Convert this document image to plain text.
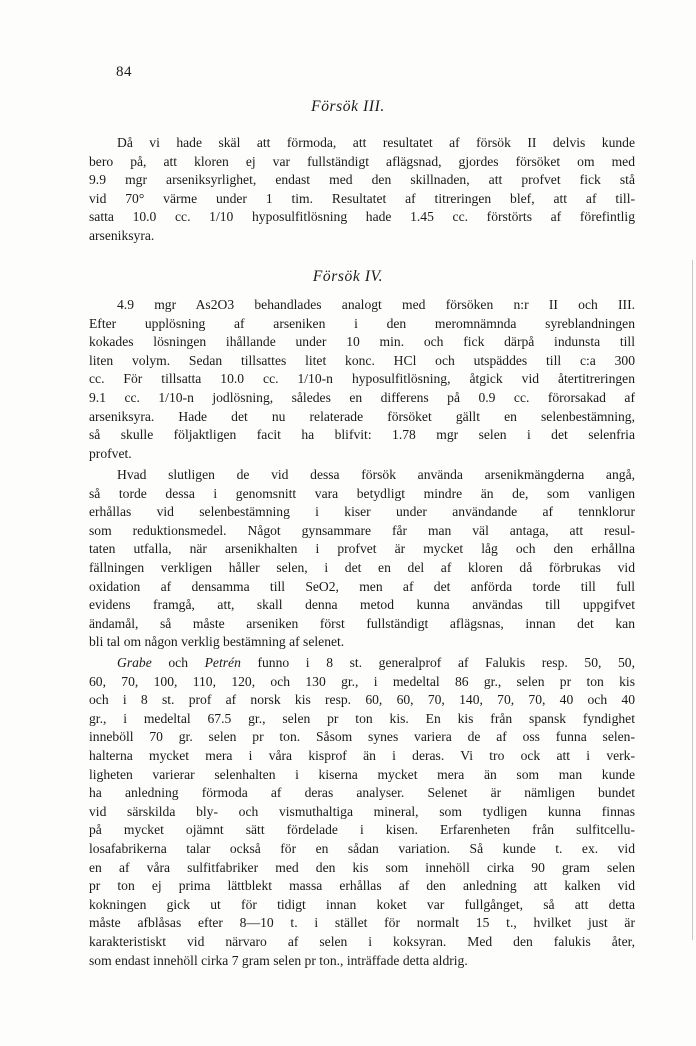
84
Försök III.
Då vi hade skäl att förmoda, att resultatet af försök II delvis kunde
bero på, att kloren ej var fullständigt aflägsnad, gjordes försöket om med
9.9 mgr arseniksyrlighet, endast med den skillnaden, att profvet fick stå
vid 70° värme under 1 tim. Resultatet af titreringen blef, att af till-
satta 10.0 cc. 1/10 hyposulfitlösning hade 1.45 cc. förstörts af förefintlig
arseniksyra.
Försök IV.
4.9 mgr As2O3 behandlades analogt med försöken n:r II och III.
Efter upplösning af arseniken i den meromnämnda syreblandningen
kokades lösningen ihållande under 10 min. och fick därpå indunsta till
liten volym. Sedan tillsattes litet konc. HCl och utspäddes till c:a 300
cc. För tillsatta 10.0 cc. 1/10-n hyposulfitlösning, åtgick vid återtitreringen
9.1 cc. 1/10-n jodlösning, således en differens på 0.9 cc. förorsakad af
arseniksyra. Hade det nu relaterade försöket gällt en selenbestämning,
så skulle följaktligen facit ha blifvit: 1.78 mgr selen i det selenfria
profvet.
Hvad slutligen de vid dessa försök använda arsenikmängderna angå,
så torde dessa i genomsnitt vara betydligt mindre än de, som vanligen
erhållas vid selenbestämning i kiser under användande af tennklorur
som reduktionsmedel. Något gynsammare får man väl antaga, att resul-
taten utfalla, när arsenikhalten i profvet är mycket låg och den erhållna
fällningen verkligen håller selen, i det en del af kloren då förbrukas vid
oxidation af densamma till SeO2, men af det anförda torde till full
evidens framgå, att, skall denna metod kunna användas till uppgifvet
ändamål, så måste arseniken först fullständigt aflägsnas, innan det kan
bli tal om någon verklig bestämning af selenet.
Grabe och Petrén funno i 8 st. generalprof af Falukis resp. 50, 50,
60, 70, 100, 110, 120, och 130 gr., i medeltal 86 gr., selen pr ton kis
och i 8 st. prof af norsk kis resp. 60, 60, 70, 140, 70, 70, 40 och 40
gr., i medeltal 67.5 gr., selen pr ton kis. En kis från spansk fyndighet
inneböll 70 gr. selen pr ton. Såsom synes variera de af oss funna selen-
halterna mycket mera i våra kisprof än i deras. Vi tro ock att i verk-
ligheten varierar selenhalten i kiserna mycket mera än som man kunde
ha anledning förmoda af deras analyser. Selenet är nämligen bundet
vid särskilda bly- och vismuthaltiga mineral, som tydligen kunna finnas
på mycket ojämnt sätt fördelade i kisen. Erfarenheten från sulfitcellu-
losafabrikerna talar också för en sådan variation. Så kunde t. ex. vid
en af våra sulfitfabriker med den kis som innehöll cirka 90 gram selen
pr ton ej prima lättblekt massa erhållas af den anledning att kalken vid
kokningen gick ut för tidigt innan koket var fullgånget, så att detta
måste afblåsas efter 8—10 t. i stället för normalt 15 t., hvilket just är
karakteristiskt vid närvaro af selen i koksyran. Med den falukis åter,
som endast innehöll cirka 7 gram selen pr ton., inträffade detta aldrig.
